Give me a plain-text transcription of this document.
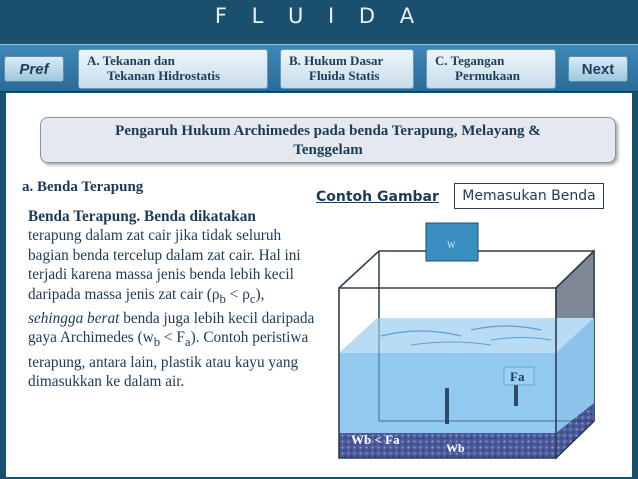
F L U I D A
Pref	A. Tekanan dan
Tekanan Hidrostatis
B. Hukum Dasar
Fluida Statis
C. Tegangan
Permukaan	Next
Pengaruh Hukum Archimedes pada benda Terapung, Melayang &
Tenggelam
a. Benda Terapung
Contoh Gambar	Memasukan Benda
Benda Terapung. Benda dikatakan
terapung dalam zat cair jika tidak seluruh bagian benda tercelup dalam zat cair. Hal ini terjadi karena massa jenis benda lebih kecil daripada massa jenis zat cair $(\rho_b < \rho_c)$, sehingga berat benda juga lebih kecil daripada gaya Archimedes $(w_b < F_a)$. Contoh peristiwa terapung, antara lain, plastik atau kayu yang dimasukkan ke dalam air.
W
Fa
Wb
Wb < Fa
